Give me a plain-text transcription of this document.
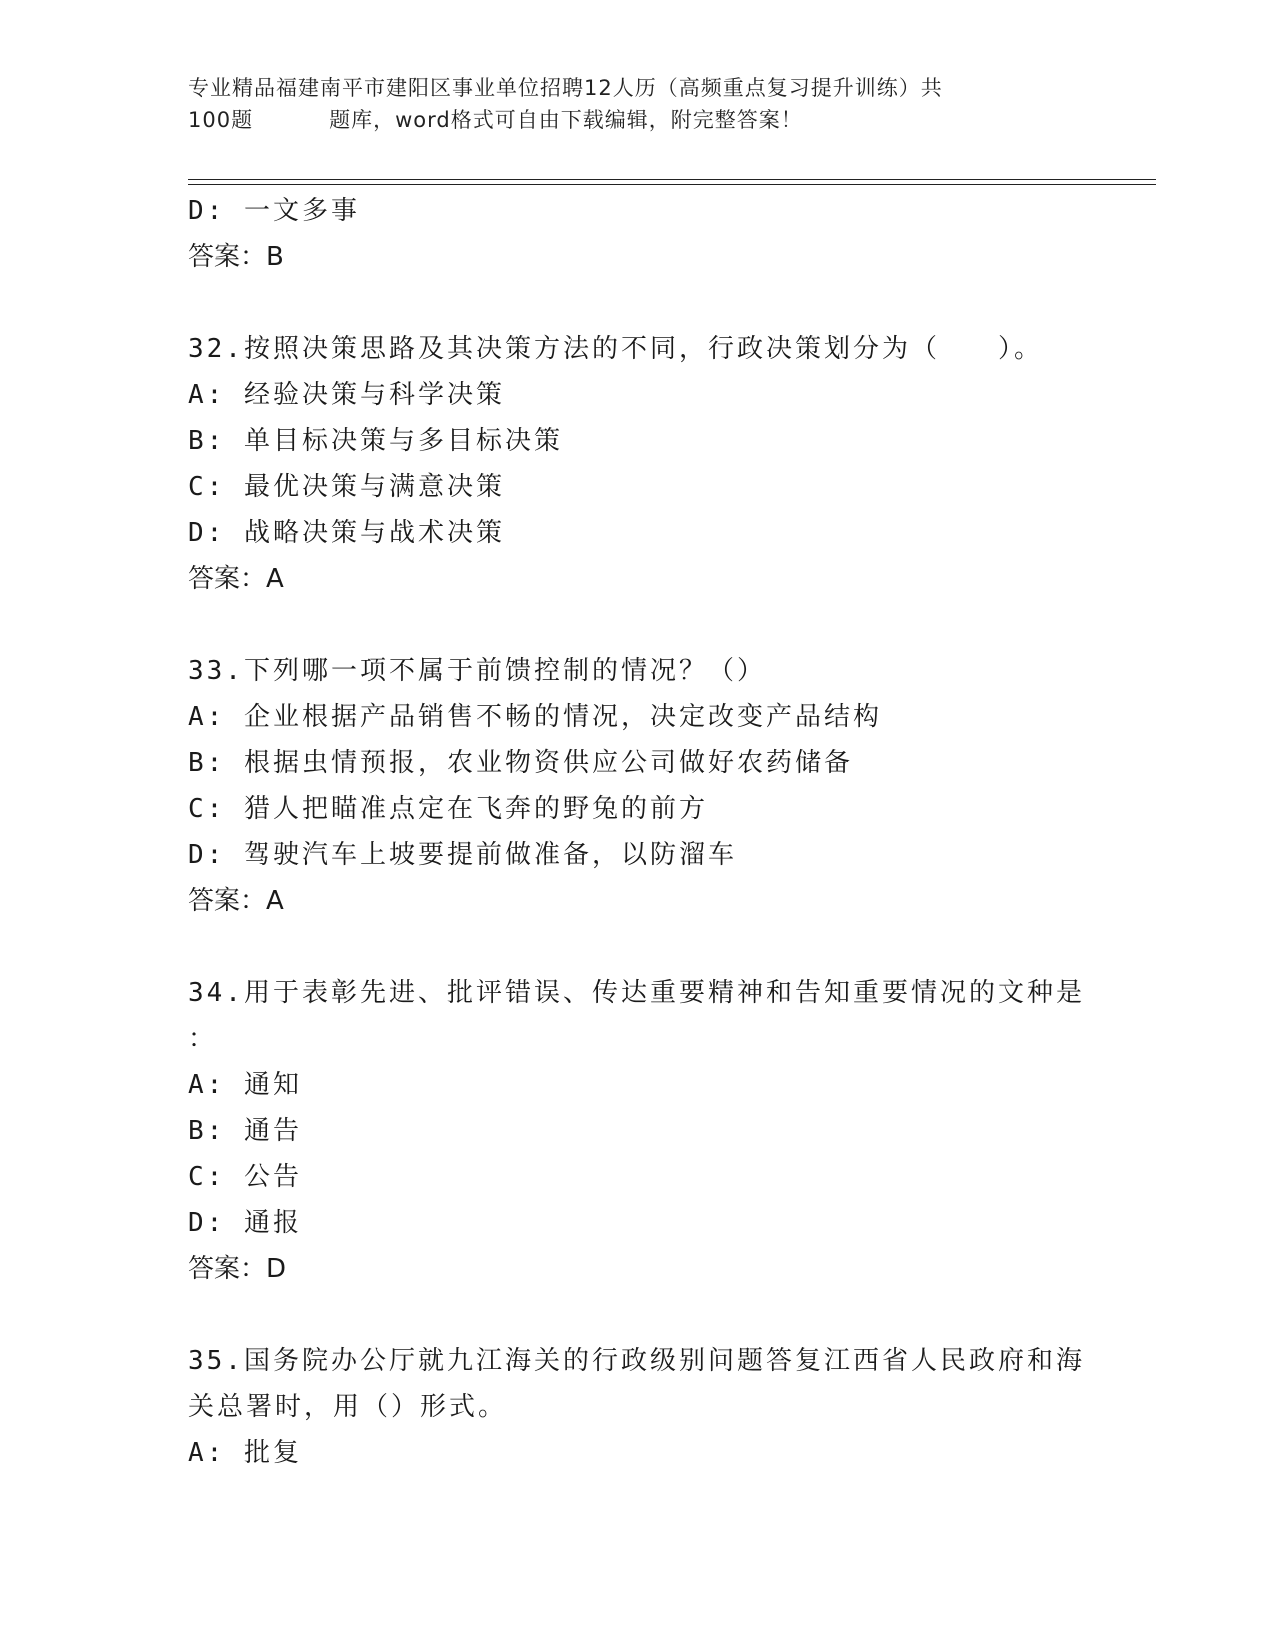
专业精品福建南平市建阳区事业单位招聘12人历（高频重点复习提升训练）共
100题	题库，word格式可自由下载编辑，附完整答案！
D: 一文多事
答案：B
32.按照决策思路及其决策方法的不同，行政决策划分为（　　）。
A: 经验决策与科学决策
B: 单目标决策与多目标决策
C: 最优决策与满意决策
D: 战略决策与战术决策
答案：A
33.下列哪一项不属于前馈控制的情况？（）
A: 企业根据产品销售不畅的情况，决定改变产品结构
B: 根据虫情预报，农业物资供应公司做好农药储备
C: 猎人把瞄准点定在飞奔的野兔的前方
D: 驾驶汽车上坡要提前做准备，以防溜车
答案：A
34.用于表彰先进、批评错误、传达重要精神和告知重要情况的文种是
：
A: 通知
B: 通告
C: 公告
D: 通报
答案：D
35.国务院办公厅就九江海关的行政级别问题答复江西省人民政府和海
关总署时，用（）形式。
A: 批复
